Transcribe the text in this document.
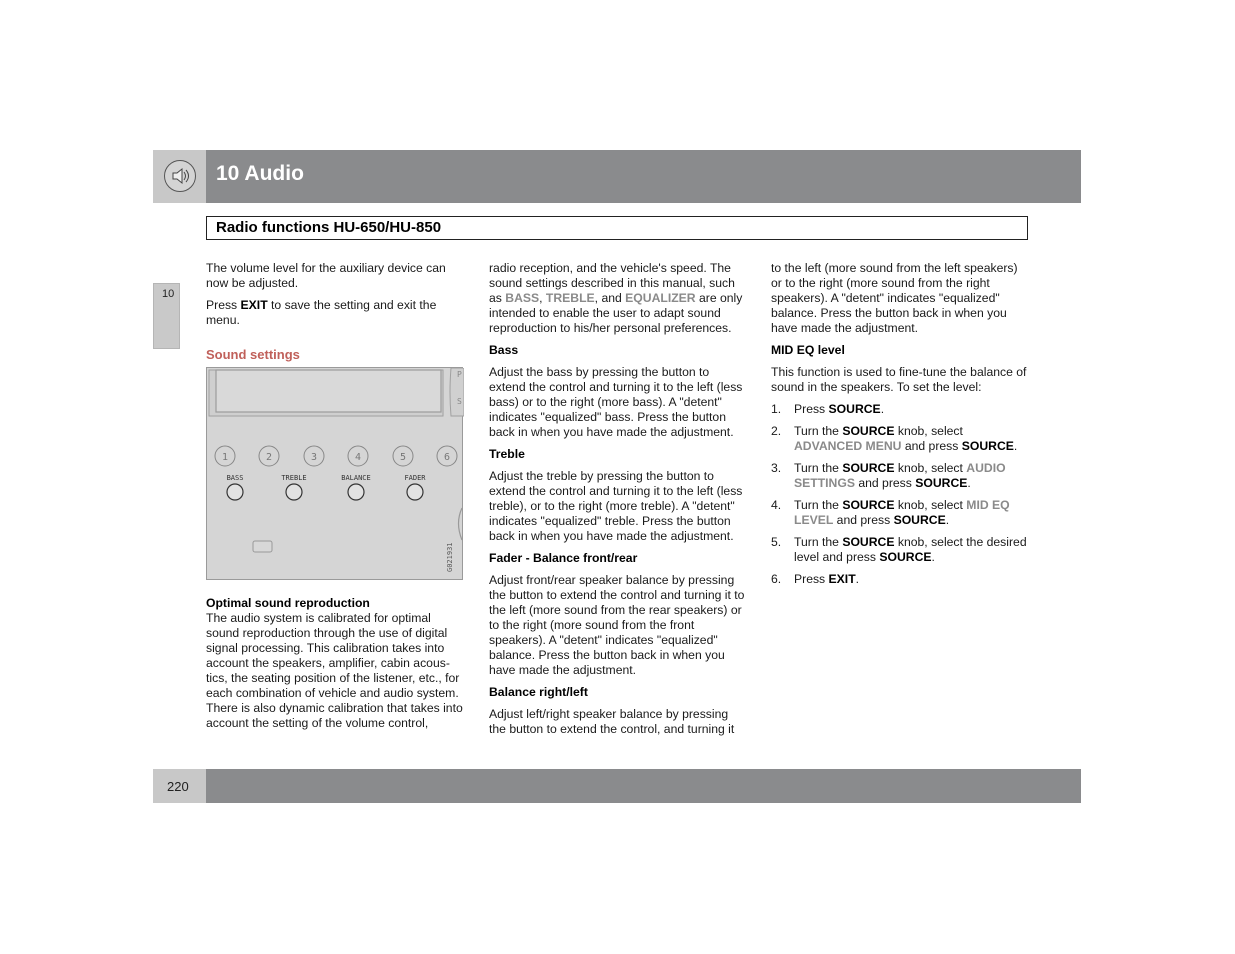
10 Audio
Radio functions HU-650/HU-850
10

The volume level for the auxiliary device can now be adjusted.

Press EXIT to save the setting and exit the menu.

Sound settings
P
S
1	2	3	4	5	6
BASS	TREBLE	BALANCE	FADER
G021931
Optimal sound reproduction

The audio system is calibrated for optimal sound reproduction through the use of digital signal processing. This calibration takes into account the speakers, amplifier, cabin acous-tics, the seating position of the listener, etc., for each combination of vehicle and audio system. There is also dynamic calibration that takes into account the setting of the volume control,

radio reception, and the vehicle's speed. The sound settings described in this manual, such as BASS, TREBLE, and EQUALIZER are only intended to enable the user to adapt sound reproduction to his/her personal preferences.

Bass

Adjust the bass by pressing the button to extend the control and turning it to the left (less bass) or to the right (more bass). A "detent" indicates "equalized" bass. Press the button back in when you have made the adjustment.

Treble

Adjust the treble by pressing the button to extend the control and turning it to the left (less treble), or to the right (more treble). A "detent" indicates "equalized" treble. Press the button back in when you have made the adjustment.

Fader - Balance front/rear

Adjust front/rear speaker balance by pressing the button to extend the control and turning it to the left (more sound from the rear speakers) or to the right (more sound from the front speakers). A "detent" indicates "equalized" balance. Press the button back in when you have made the adjustment.

Balance right/left

Adjust left/right speaker balance by pressing the button to extend the control, and turning it

to the left (more sound from the left speakers) or to the right (more sound from the right speakers). A "detent" indicates "equalized" balance. Press the button back in when you have made the adjustment.

MID EQ level

This function is used to fine-tune the balance of sound in the speakers. To set the level:

1. Press SOURCE.
2. Turn the SOURCE knob, select ADVANCED MENU and press SOURCE.
3. Turn the SOURCE knob, select AUDIO SETTINGS and press SOURCE.
4. Turn the SOURCE knob, select MID EQ LEVEL and press SOURCE.
5. Turn the SOURCE knob, select the desired level and press SOURCE.
6. Press EXIT.
220
